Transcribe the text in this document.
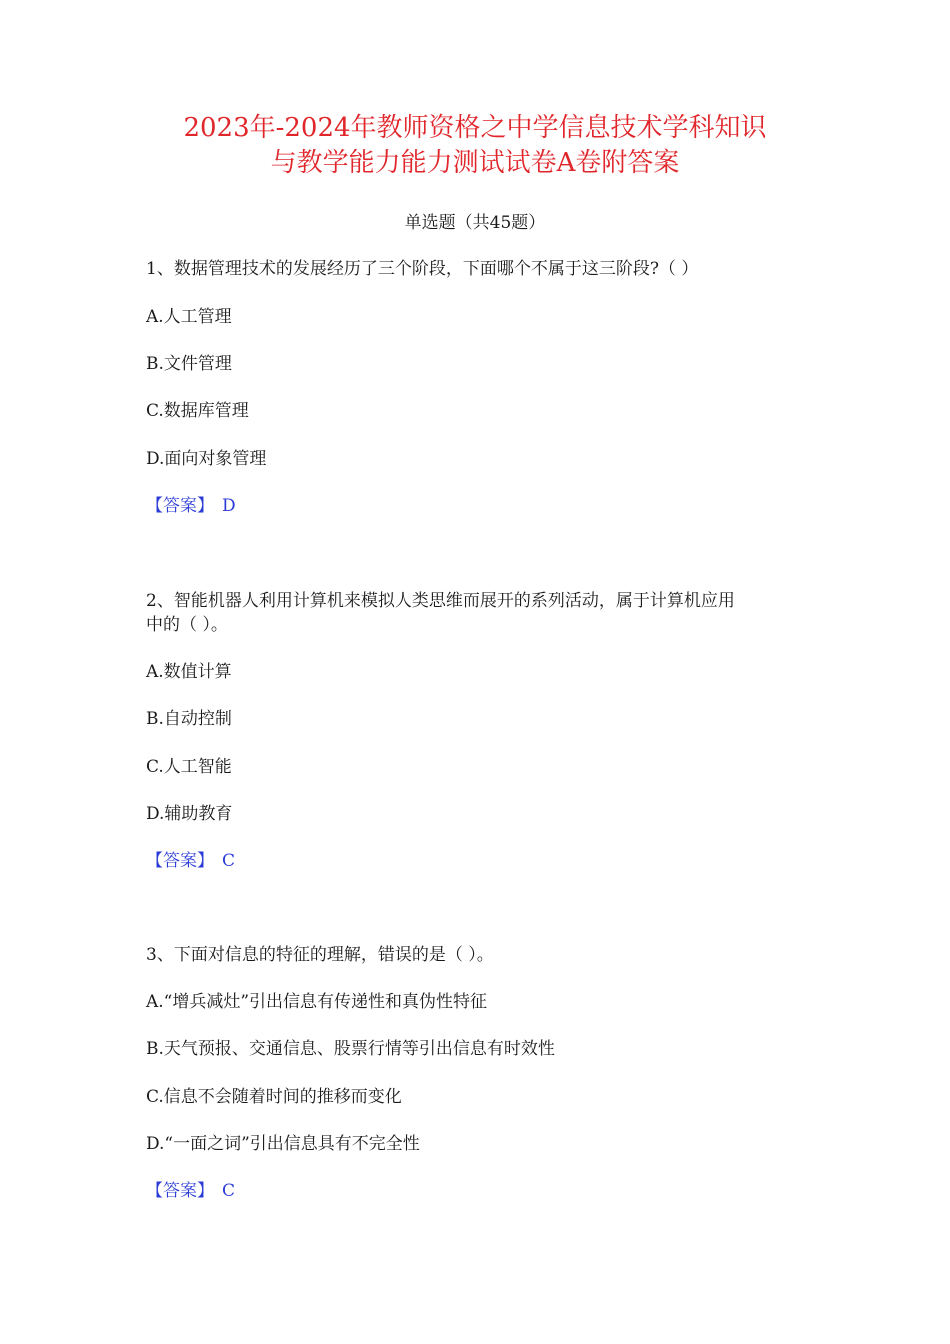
2023年-2024年教师资格之中学信息技术学科知识
与教学能力能力测试试卷A卷附答案
单选题（共45题）
1、数据管理技术的发展经历了三个阶段，下面哪个不属于这三阶段?（ ）
A.人工管理
B.文件管理
C.数据库管理
D.面向对象管理
【答案】 D
2、智能机器人利用计算机来模拟人类思维而展开的系列活动，属于计算机应用
中的（ ）。
A.数值计算
B.自动控制
C.人工智能
D.辅助教育
【答案】 C
3、下面对信息的特征的理解，错误的是（ ）。
A.“增兵减灶”引出信息有传递性和真伪性特征
B.天气预报、交通信息、股票行情等引出信息有时效性
C.信息不会随着时间的推移而变化
D.“一面之词”引出信息具有不完全性
【答案】 C
